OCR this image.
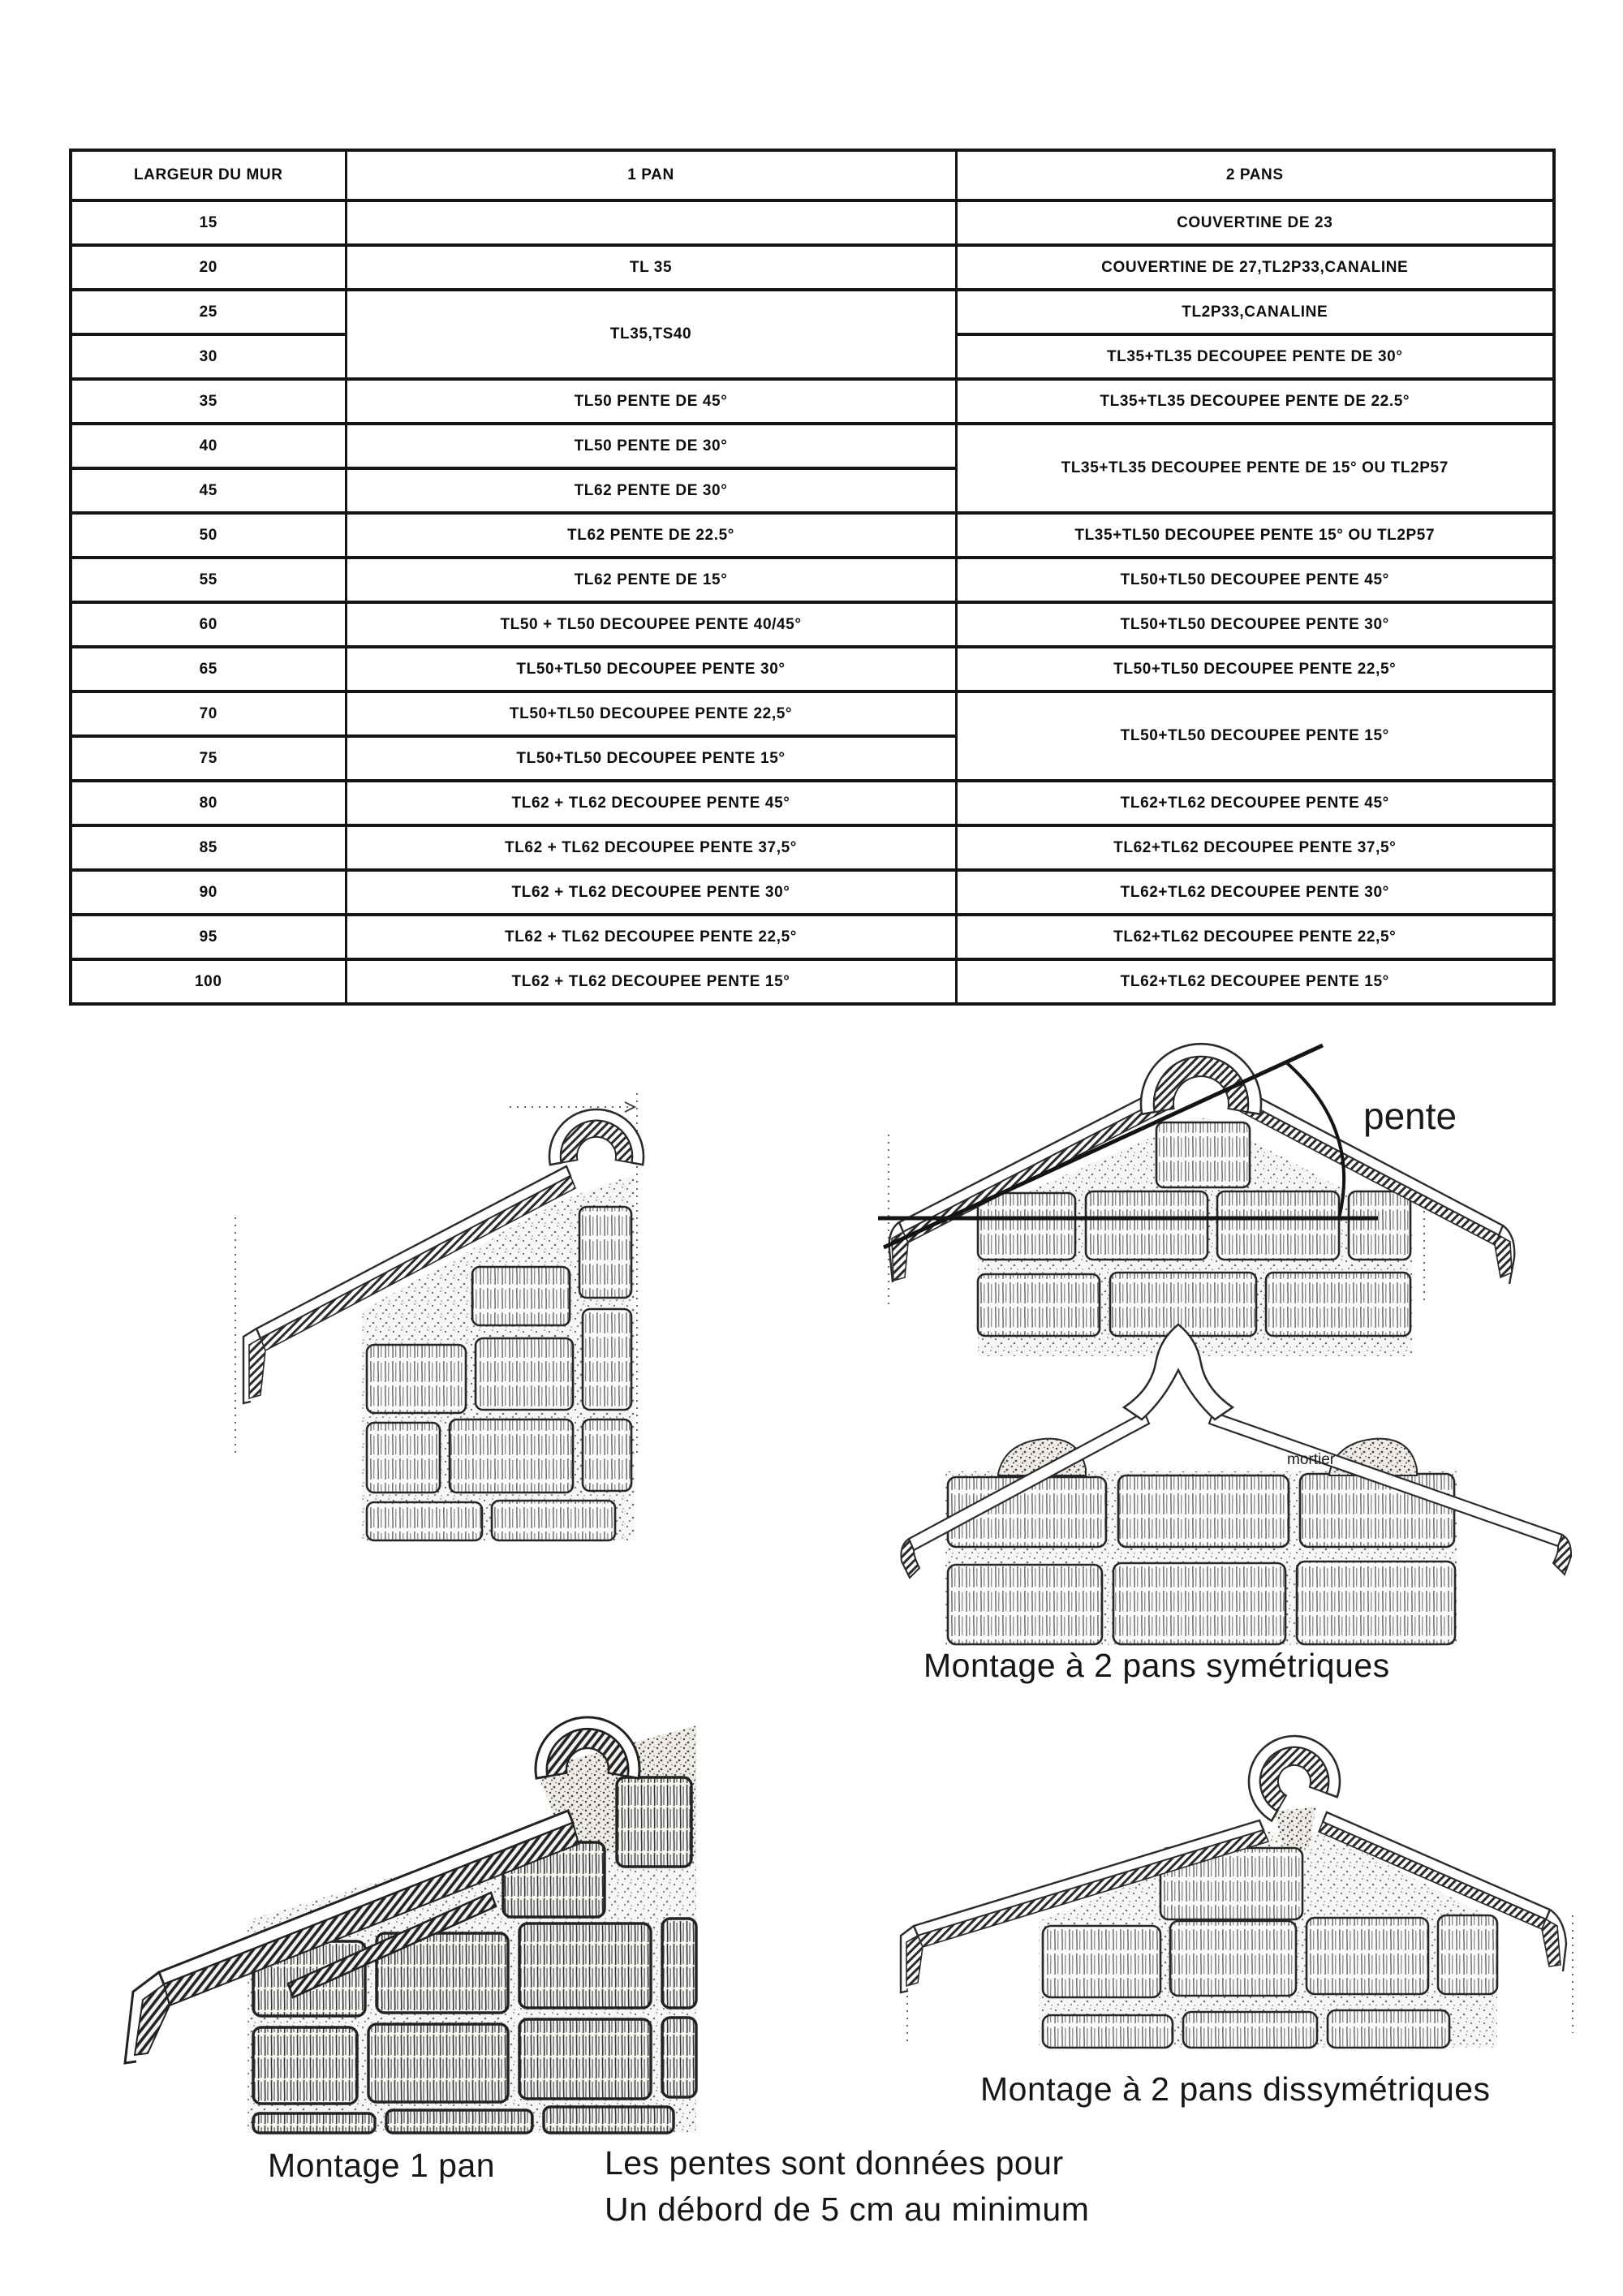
LARGEUR DU MUR	1 PAN	2 PANS
15		COUVERTINE DE 23
20	TL 35	COUVERTINE DE 27,TL2P33,CANALINE
25	TL35,TS40	TL2P33,CANALINE
30		TL35+TL35 DECOUPEE PENTE DE 30°
35	TL50 PENTE DE 45°	TL35+TL35 DECOUPEE PENTE DE 22.5°
40	TL50 PENTE DE 30°	TL35+TL35 DECOUPEE PENTE DE 15° OU TL2P57
45	TL62 PENTE DE 30°	
50	TL62 PENTE DE 22.5°	TL35+TL50 DECOUPEE PENTE 15° OU TL2P57
55	TL62 PENTE DE 15°	TL50+TL50 DECOUPEE PENTE 45°
60	TL50 + TL50 DECOUPEE PENTE 40/45°	TL50+TL50 DECOUPEE PENTE 30°
65	TL50+TL50 DECOUPEE PENTE 30°	TL50+TL50 DECOUPEE PENTE 22,5°
70	TL50+TL50 DECOUPEE PENTE 22,5°	TL50+TL50 DECOUPEE PENTE 15°
75	TL50+TL50 DECOUPEE PENTE 15°	
80	TL62 + TL62 DECOUPEE PENTE 45°	TL62+TL62 DECOUPEE PENTE 45°
85	TL62 + TL62 DECOUPEE PENTE 37,5°	TL62+TL62 DECOUPEE PENTE 37,5°
90	TL62 + TL62 DECOUPEE PENTE 30°	TL62+TL62 DECOUPEE PENTE 30°
95	TL62 + TL62 DECOUPEE PENTE 22,5°	TL62+TL62 DECOUPEE PENTE 22,5°
100	TL62 + TL62 DECOUPEE PENTE 15°	TL62+TL62 DECOUPEE PENTE 15°
pente
mortier
Montage à 2 pans symétriques
Montage à 2 pans dissymétriques
Montage 1 pan	Les pentes sont données pour
Un débord de 5 cm au minimum
